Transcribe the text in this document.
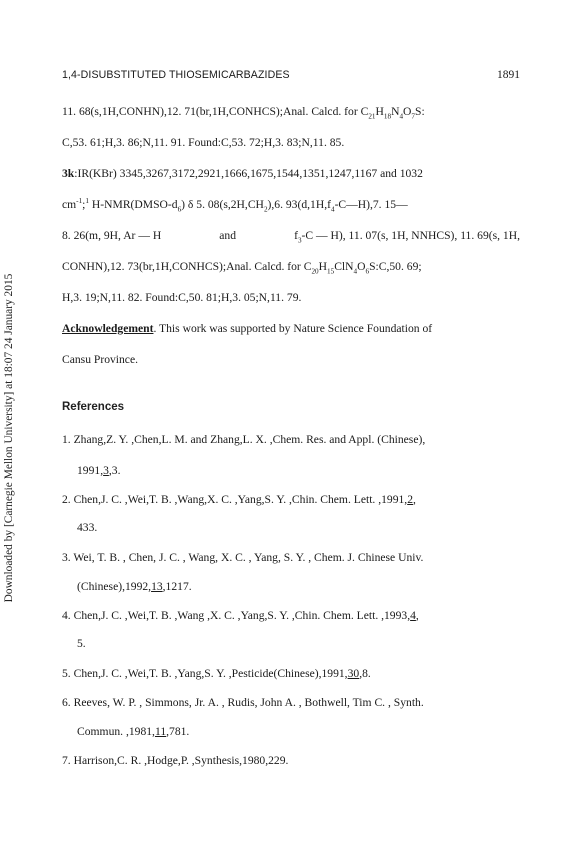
Downloaded by [Carnegie Mellon University] at 18:07 24 January 2015
1,4-DISUBSTITUTED THIOSEMICARBAZIDES	1891
11. 68(s,1H,CONHN),12. 71(br,1H,CONHCS);Anal. Calcd. for $C_{21}H_{18}N_4O_7S$:
C,53. 61;H,3. 86;N,11. 91. Found:C,53. 72;H,3. 83;N,11. 85.
3k:IR(KBr) 3345,3267,3172,2921,1666,1675,1544,1351,1247,1167 and 1032
$cm^{-1};^1$ $H-NMR(DMSO-d_6)$ δ 5. $08(s,2H,CH_2),6$. $93(d,1H,f_4-C—H),7$. 15—
8. 26(m, 9H, Ar — H	and	$f_3-C$ — H), 11. 07(s, 1H, NNHCS), 11. 69(s, 1H,
CONHN),12. 73(br,1H,CONHCS);Anal. Calcd. for $C_{20}H_{15}ClN_4O_6S:C,50$. 69;
H,3. 19;N,11. 82. Found:C,50. 81;H,3. 05;N,11. 79.
Acknowledgement. This work was supported by Nature Science Foundation of
Cansu Province.
References
1. Zhang,Z. Y. ,Chen,L. M. and Zhang,L. X. ,Chem. Res. and Appl. (Chinese),
1991,3,3.
2. Chen,J. C. ,Wei,T. B. ,Wang,X. C. ,Yang,S. Y. ,Chin. Chem. Lett. ,1991,2,
433.
3. Wei, T. B. , Chen, J. C. , Wang, X. C. , Yang, S. Y. , Chem. J. Chinese Univ.
(Chinese),1992,13,1217.
4. Chen,J. C. ,Wei,T. B. ,Wang ,X. C. ,Yang,S. Y. ,Chin. Chem. Lett. ,1993,4,
5.
5. Chen,J. C. ,Wei,T. B. ,Yang,S. Y. ,Pesticide(Chinese),1991,30,8.
6. Reeves, W. P. , Simmons, Jr. A. , Rudis, John A. , Bothwell, Tim C. , Synth.
Commun. ,1981,11,781.
7. Harrison,C. R. ,Hodge,P. ,Synthesis,1980,229.
